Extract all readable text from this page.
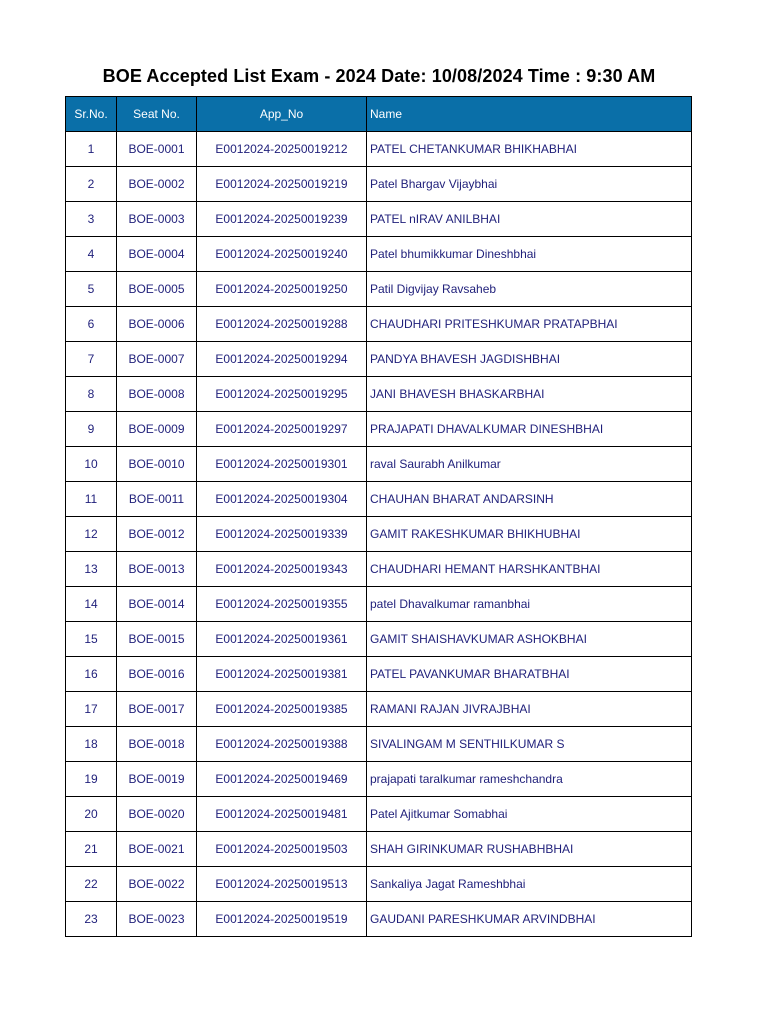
BOE Accepted List Exam - 2024 Date: 10/08/2024 Time : 9:30 AM
Sr.No.	Seat No.	App_No	Name
1	BOE-0001	E0012024-20250019212	PATEL CHETANKUMAR BHIKHABHAI
2	BOE-0002	E0012024-20250019219	Patel Bhargav Vijaybhai
3	BOE-0003	E0012024-20250019239	PATEL nIRAV ANILBHAI
4	BOE-0004	E0012024-20250019240	Patel bhumikkumar Dineshbhai
5	BOE-0005	E0012024-20250019250	Patil Digvijay Ravsaheb
6	BOE-0006	E0012024-20250019288	CHAUDHARI PRITESHKUMAR PRATAPBHAI
7	BOE-0007	E0012024-20250019294	PANDYA BHAVESH JAGDISHBHAI
8	BOE-0008	E0012024-20250019295	JANI BHAVESH BHASKARBHAI
9	BOE-0009	E0012024-20250019297	PRAJAPATI DHAVALKUMAR DINESHBHAI
10	BOE-0010	E0012024-20250019301	raval Saurabh Anilkumar
11	BOE-0011	E0012024-20250019304	CHAUHAN BHARAT ANDARSINH
12	BOE-0012	E0012024-20250019339	GAMIT RAKESHKUMAR BHIKHUBHAI
13	BOE-0013	E0012024-20250019343	CHAUDHARI HEMANT HARSHKANTBHAI
14	BOE-0014	E0012024-20250019355	patel Dhavalkumar ramanbhai
15	BOE-0015	E0012024-20250019361	GAMIT SHAISHAVKUMAR ASHOKBHAI
16	BOE-0016	E0012024-20250019381	PATEL PAVANKUMAR BHARATBHAI
17	BOE-0017	E0012024-20250019385	RAMANI RAJAN JIVRAJBHAI
18	BOE-0018	E0012024-20250019388	SIVALINGAM M SENTHILKUMAR S
19	BOE-0019	E0012024-20250019469	prajapati taralkumar rameshchandra
20	BOE-0020	E0012024-20250019481	Patel Ajitkumar Somabhai
21	BOE-0021	E0012024-20250019503	SHAH GIRINKUMAR RUSHABHBHAI
22	BOE-0022	E0012024-20250019513	Sankaliya Jagat Rameshbhai
23	BOE-0023	E0012024-20250019519	GAUDANI PARESHKUMAR ARVINDBHAI
